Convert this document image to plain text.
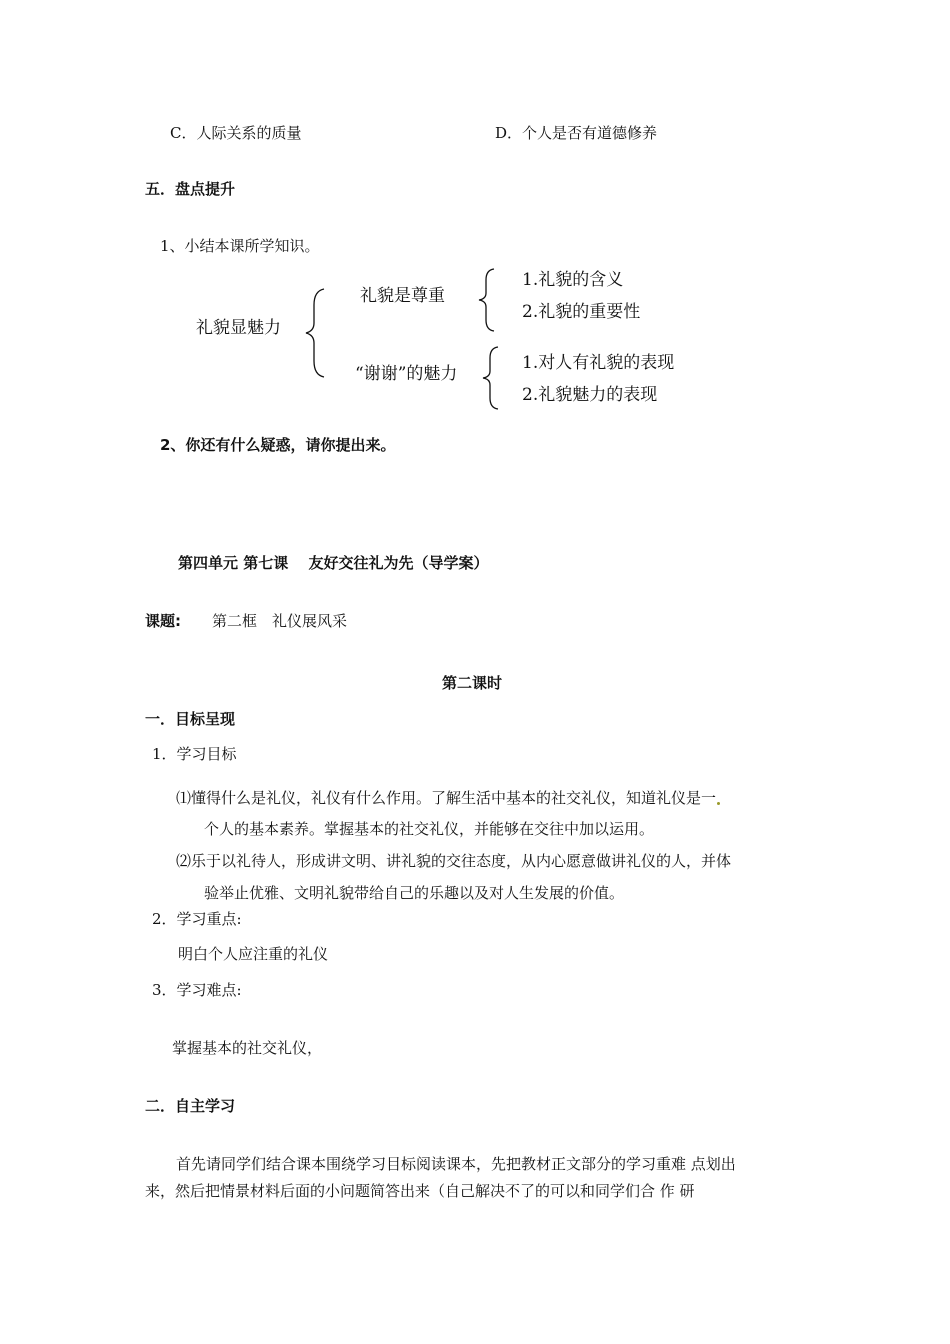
C．人际关系的质量	D．个人是否有道德修养
五．盘点提升
1、小结本课所学知识。
礼貌显魅力
礼貌是尊重
“谢谢”的魅力
1.礼貌的含义
2.礼貌的重要性
1.对人有礼貌的表现
2.礼貌魅力的表现
2、你还有什么疑惑，请你提出来。
第四单元 第七课　 友好交往礼为先（导学案）
课题: 第二框　礼仪展风采
第二课时
一．目标呈现
1．学习目标
⑴懂得什么是礼仪，礼仪有什么作用。了解生活中基本的社交礼仪，知道礼仪是一
个人的基本素养。掌握基本的社交礼仪，并能够在交往中加以运用。
⑵乐于以礼待人，形成讲文明、讲礼貌的交往态度，从内心愿意做讲礼仪的人，并体
验举止优雅、文明礼貌带给自己的乐趣以及对人生发展的价值。
2．学习重点:
明白个人应注重的礼仪
3．学习难点:
掌握基本的社交礼仪，
二．自主学习
首先请同学们结合课本围绕学习目标阅读课本，先把教材正文部分的学习重难 点划出
来，然后把情景材料后面的小问题简答出来（自己解决不了的可以和同学们合 作 研
